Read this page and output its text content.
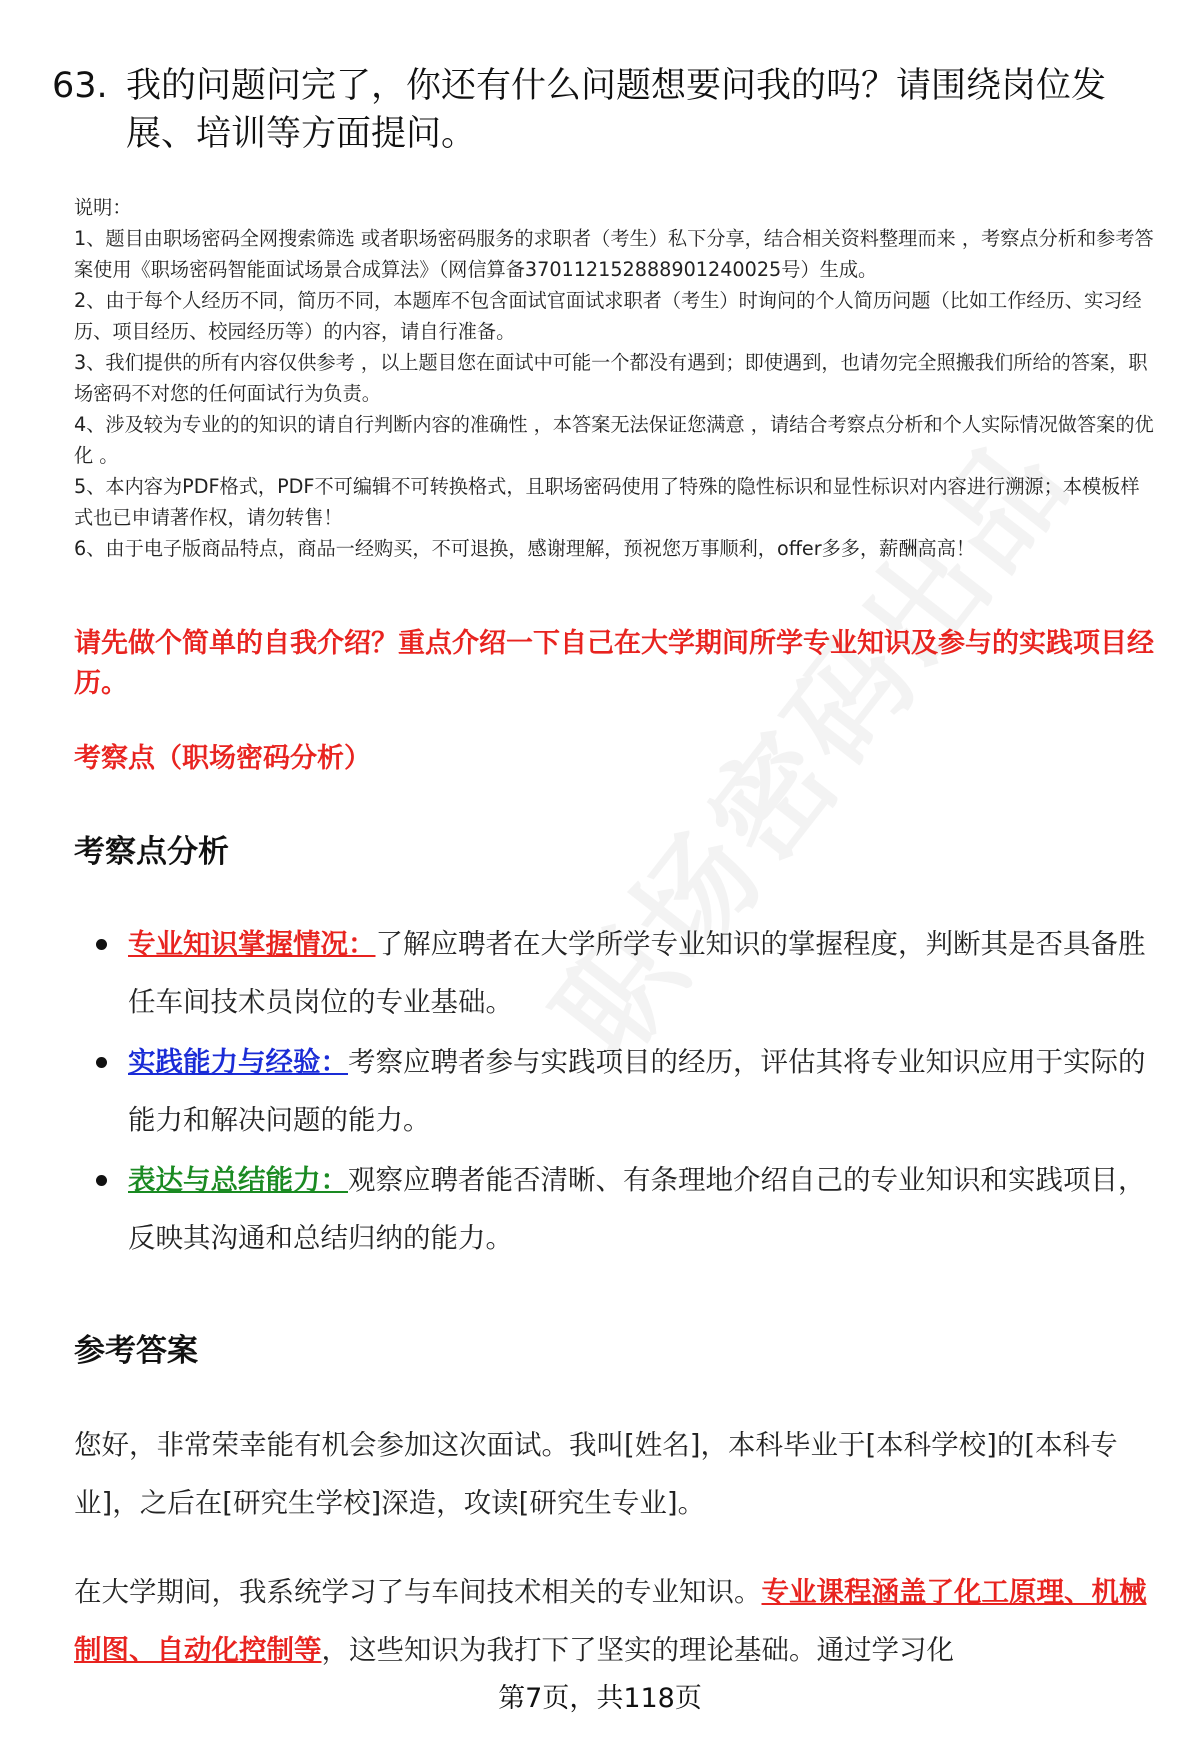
63. 我的问题问完了，你还有什么问题想要问我的吗？请围绕岗位发展、培训等方面提问。

说明：

1、题目由职场密码全网搜索筛选 或者职场密码服务的求职者（考生）私下分享，结合相关资料整理而来 ，考察点分析和参考答案使用《职场密码智能面试场景合成算法》（网信算备370112152888901240025号）生成。

2、由于每个人经历不同，简历不同，本题库不包含面试官面试求职者（考生）时询问的个人简历问题（比如工作经历、实习经历、项目经历、校园经历等）的内容，请自行准备。

3、我们提供的所有内容仅供参考 ，以上题目您在面试中可能一个都没有遇到；即使遇到，也请勿完全照搬我们所给的答案，职场密码不对您的任何面试行为负责。

4、涉及较为专业的的知识的请自行判断内容的准确性 ，本答案无法保证您满意 ，请结合考察点分析和个人实际情况做答案的优化 。

5、本内容为PDF格式，PDF不可编辑不可转换格式，且职场密码使用了特殊的隐性标识和显性标识对内容进行溯源；本模板样式也已申请著作权，请勿转售！

6、由于电子版商品特点，商品一经购买，不可退换，感谢理解，预祝您万事顺利，offer多多，薪酬高高！

请先做个简单的自我介绍？重点介绍一下自己在大学期间所学专业知识及参与的实践项目经历。
考察点（职场密码分析）
考察点分析
专业知识掌握情况：了解应聘者在大学所学专业知识的掌握程度，判断其是否具备胜任车间技术员岗位的专业基础。
实践能力与经验：考察应聘者参与实践项目的经历，评估其将专业知识应用于实际的能力和解决问题的能力。
表达与总结能力：观察应聘者能否清晰、有条理地介绍自己的专业知识和实践项目，反映其沟通和总结归纳的能力。
参考答案

您好，非常荣幸能有机会参加这次面试。我叫[姓名]，本科毕业于[本科学校]的[本科专业]，之后在[研究生学校]深造，攻读[研究生专业]。

在大学期间，我系统学习了与车间技术相关的专业知识。专业课程涵盖了化工原理、机械制图、自动化控制等，这些知识为我打下了坚实的理论基础。通过学习化

第7页，共118页
